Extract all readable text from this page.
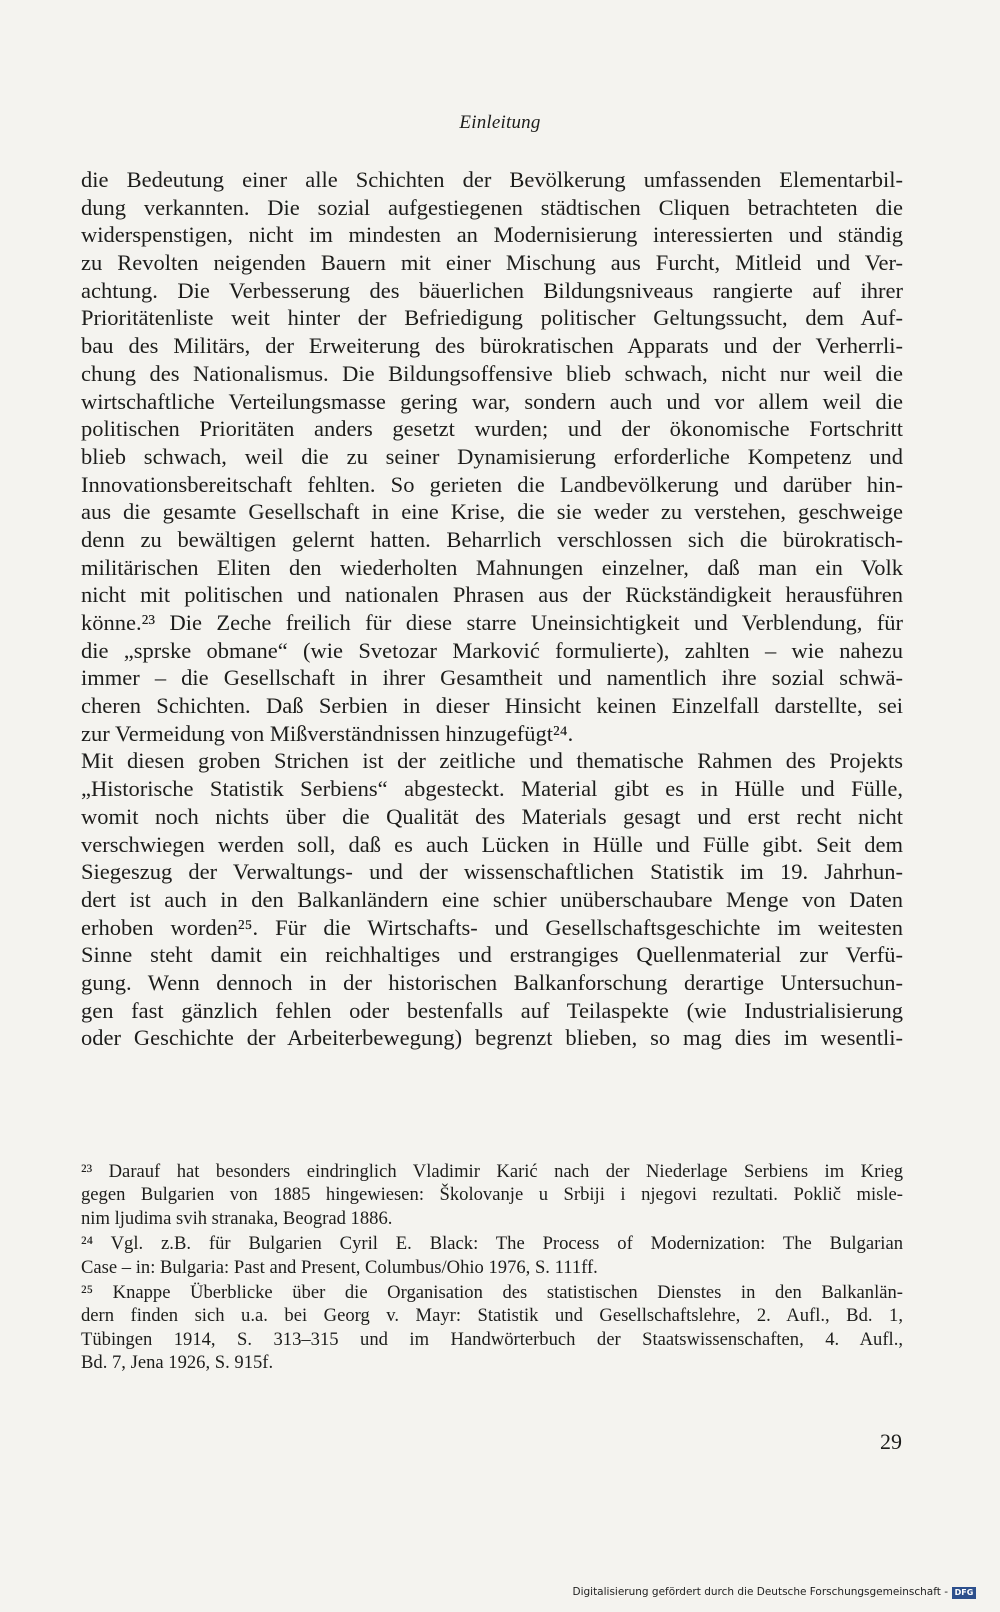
Einleitung
die Bedeutung einer alle Schichten der Bevölkerung umfassenden Elementarbil-
dung verkannten. Die sozial aufgestiegenen städtischen Cliquen betrachteten die
widerspenstigen, nicht im mindesten an Modernisierung interessierten und ständig
zu Revolten neigenden Bauern mit einer Mischung aus Furcht, Mitleid und Ver-
achtung. Die Verbesserung des bäuerlichen Bildungsniveaus rangierte auf ihrer
Prioritätenliste weit hinter der Befriedigung politischer Geltungssucht, dem Auf-
bau des Militärs, der Erweiterung des bürokratischen Apparats und der Verherrli-
chung des Nationalismus. Die Bildungsoffensive blieb schwach, nicht nur weil die
wirtschaftliche Verteilungsmasse gering war, sondern auch und vor allem weil die
politischen Prioritäten anders gesetzt wurden; und der ökonomische Fortschritt
blieb schwach, weil die zu seiner Dynamisierung erforderliche Kompetenz und
Innovationsbereitschaft fehlten. So gerieten die Landbevölkerung und darüber hin-
aus die gesamte Gesellschaft in eine Krise, die sie weder zu verstehen, geschweige
denn zu bewältigen gelernt hatten. Beharrlich verschlossen sich die bürokratisch-
militärischen Eliten den wiederholten Mahnungen einzelner, daß man ein Volk
nicht mit politischen und nationalen Phrasen aus der Rückständigkeit herausführen
könne.²³ Die Zeche freilich für diese starre Uneinsichtigkeit und Verblendung, für
die „sprske obmane“ (wie Svetozar Marković formulierte), zahlten – wie nahezu
immer – die Gesellschaft in ihrer Gesamtheit und namentlich ihre sozial schwä-
cheren Schichten. Daß Serbien in dieser Hinsicht keinen Einzelfall darstellte, sei
zur Vermeidung von Mißverständnissen hinzugefügt²⁴.
Mit diesen groben Strichen ist der zeitliche und thematische Rahmen des Projekts
„Historische Statistik Serbiens“ abgesteckt. Material gibt es in Hülle und Fülle,
womit noch nichts über die Qualität des Materials gesagt und erst recht nicht
verschwiegen werden soll, daß es auch Lücken in Hülle und Fülle gibt. Seit dem
Siegeszug der Verwaltungs- und der wissenschaftlichen Statistik im 19. Jahrhun-
dert ist auch in den Balkanländern eine schier unüberschaubare Menge von Daten
erhoben worden²⁵. Für die Wirtschafts- und Gesellschaftsgeschichte im weitesten
Sinne steht damit ein reichhaltiges und erstrangiges Quellenmaterial zur Verfü-
gung. Wenn dennoch in der historischen Balkanforschung derartige Untersuchun-
gen fast gänzlich fehlen oder bestenfalls auf Teilaspekte (wie Industrialisierung
oder Geschichte der Arbeiterbewegung) begrenzt blieben, so mag dies im wesentli-
²³ Darauf hat besonders eindringlich Vladimir Karić nach der Niederlage Serbiens im Krieg
gegen Bulgarien von 1885 hingewiesen: Školovanje u Srbiji i njegovi rezultati. Poklič misle-
nim ljudima svih stranaka, Beograd 1886.
²⁴ Vgl. z.B. für Bulgarien Cyril E. Black: The Process of Modernization: The Bulgarian
Case – in: Bulgaria: Past and Present, Columbus/Ohio 1976, S. 111ff.
²⁵ Knappe Überblicke über die Organisation des statistischen Dienstes in den Balkanlän-
dern finden sich u.a. bei Georg v. Mayr: Statistik und Gesellschaftslehre, 2. Aufl., Bd. 1,
Tübingen 1914, S. 313–315 und im Handwörterbuch der Staatswissenschaften, 4. Aufl.,
Bd. 7, Jena 1926, S. 915f.
29
Digitalisierung gefördert durch die Deutsche Forschungsgemeinschaft - DFG
